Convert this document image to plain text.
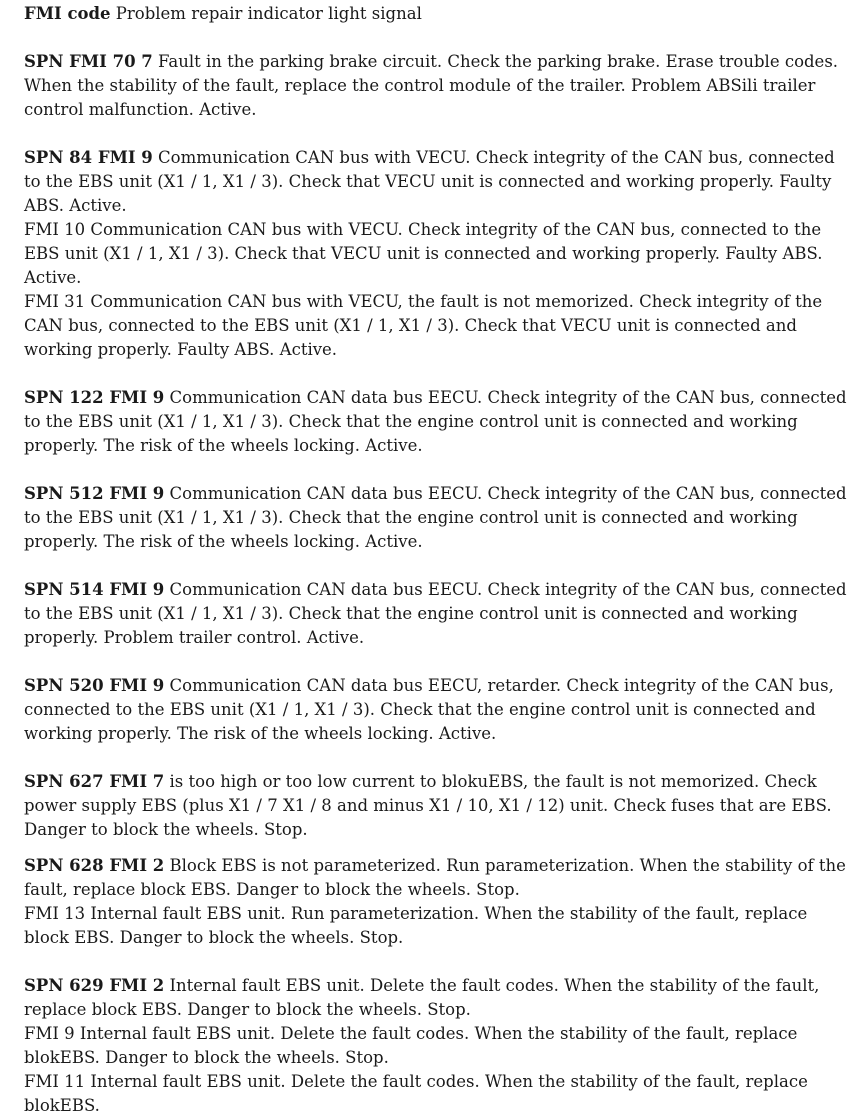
FMI code Problem repair indicator light signal

SPN FMI 70 7 Fault in the parking brake circuit. Check the parking brake. Erase trouble codes. When the stability of the fault, replace the control module of the trailer. Problem ABSili trailer control malfunction. Active.

SPN 84 FMI 9 Communication CAN bus with VECU. Check integrity of the CAN bus, connected to the EBS unit (X1 / 1, X1 / 3). Check that VECU unit is connected and working properly. Faulty ABS. Active.

FMI 10 Communication CAN bus with VECU. Check integrity of the CAN bus, connected to the EBS unit (X1 / 1, X1 / 3). Check that VECU unit is connected and working properly. Faulty ABS. Active.

FMI 31 Communication CAN bus with VECU, the fault is not memorized. Check integrity of the CAN bus, connected to the EBS unit (X1 / 1, X1 / 3). Check that VECU unit is connected and working properly. Faulty ABS. Active.

SPN 122 FMI 9 Communication CAN data bus EECU. Check integrity of the CAN bus, connected to the EBS unit (X1 / 1, X1 / 3). Check that the engine control unit is connected and working properly. The risk of the wheels locking. Active.

SPN 512 FMI 9 Communication CAN data bus EECU. Check integrity of the CAN bus, connected to the EBS unit (X1 / 1, X1 / 3). Check that the engine control unit is connected and working properly. The risk of the wheels locking. Active.

SPN 514 FMI 9 Communication CAN data bus EECU. Check integrity of the CAN bus, connected to the EBS unit (X1 / 1, X1 / 3). Check that the engine control unit is connected and working properly. Problem trailer control. Active.

SPN 520 FMI 9 Communication CAN data bus EECU, retarder. Check integrity of the CAN bus, connected to the EBS unit (X1 / 1, X1 / 3). Check that the engine control unit is connected and working properly. The risk of the wheels locking. Active.

SPN 627 FMI 7 is too high or too low current to blokuEBS, the fault is not memorized. Check power supply EBS (plus X1 / 7 X1 / 8 and minus X1 / 10, X1 / 12) unit. Check fuses that are EBS. Danger to block the wheels. Stop.

SPN 628 FMI 2 Block EBS is not parameterized. Run parameterization. When the stability of the fault, replace block EBS. Danger to block the wheels. Stop.

FMI 13 Internal fault EBS unit. Run parameterization. When the stability of the fault, replace block EBS. Danger to block the wheels. Stop.

SPN 629 FMI 2 Internal fault EBS unit. Delete the fault codes. When the stability of the fault, replace block EBS. Danger to block the wheels. Stop.

FMI 9 Internal fault EBS unit. Delete the fault codes. When the stability of the fault, replace blokEBS. Danger to block the wheels. Stop.

FMI 11 Internal fault EBS unit. Delete the fault codes. When the stability of the fault, replace blokEBS.
